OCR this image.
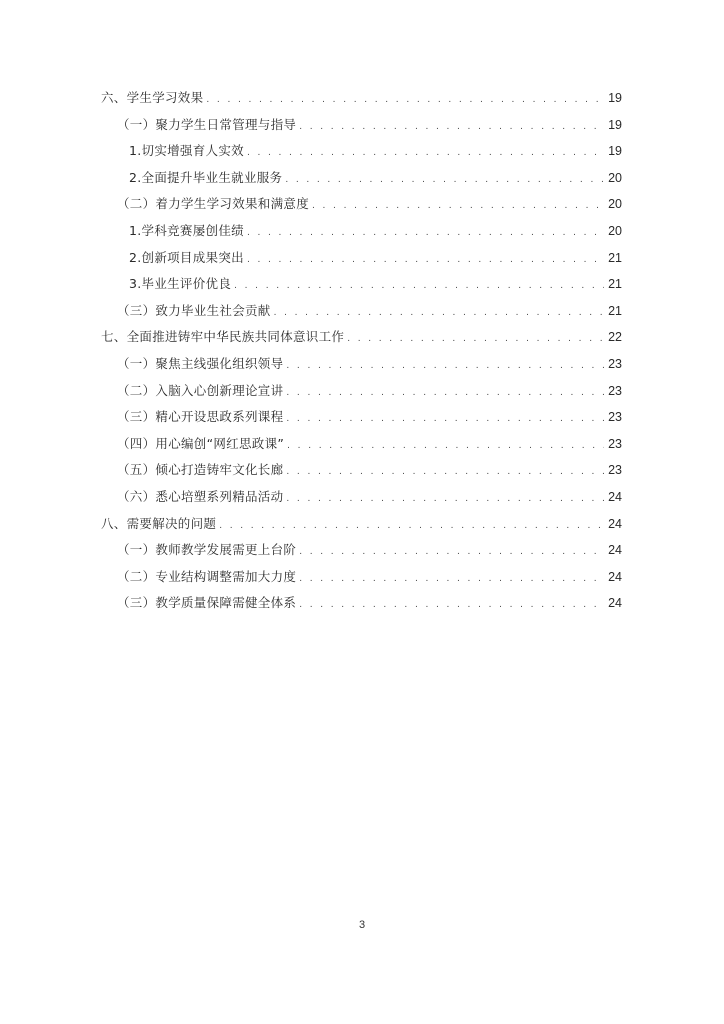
六、学生学习效果 . . .	19
（一）聚力学生日常管理与指导 . . .	19
1.切实增强育人实效 . . .	19
2.全面提升毕业生就业服务 . . .	20
（二）着力学生学习效果和满意度 . . .	20
1.学科竞赛屡创佳绩 . . .	20
2.创新项目成果突出 . . .	21
3.毕业生评价优良 . . .	21
（三）致力毕业生社会贡献 . . .	21
七、全面推进铸牢中华民族共同体意识工作 . . .	22
（一）聚焦主线强化组织领导 . . .	23
（二）入脑入心创新理论宣讲 . . .	23
（三）精心开设思政系列课程 . . .	23
（四）用心编创“网红思政课” . . .	23
（五）倾心打造铸牢文化长廊 . . .	23
（六）悉心培塑系列精品活动 . . .	24
八、需要解决的问题 . . .	24
（一）教师教学发展需更上台阶 . . .	24
（二）专业结构调整需加大力度 . . .	24
（三）教学质量保障需健全体系 . . .	24
3
